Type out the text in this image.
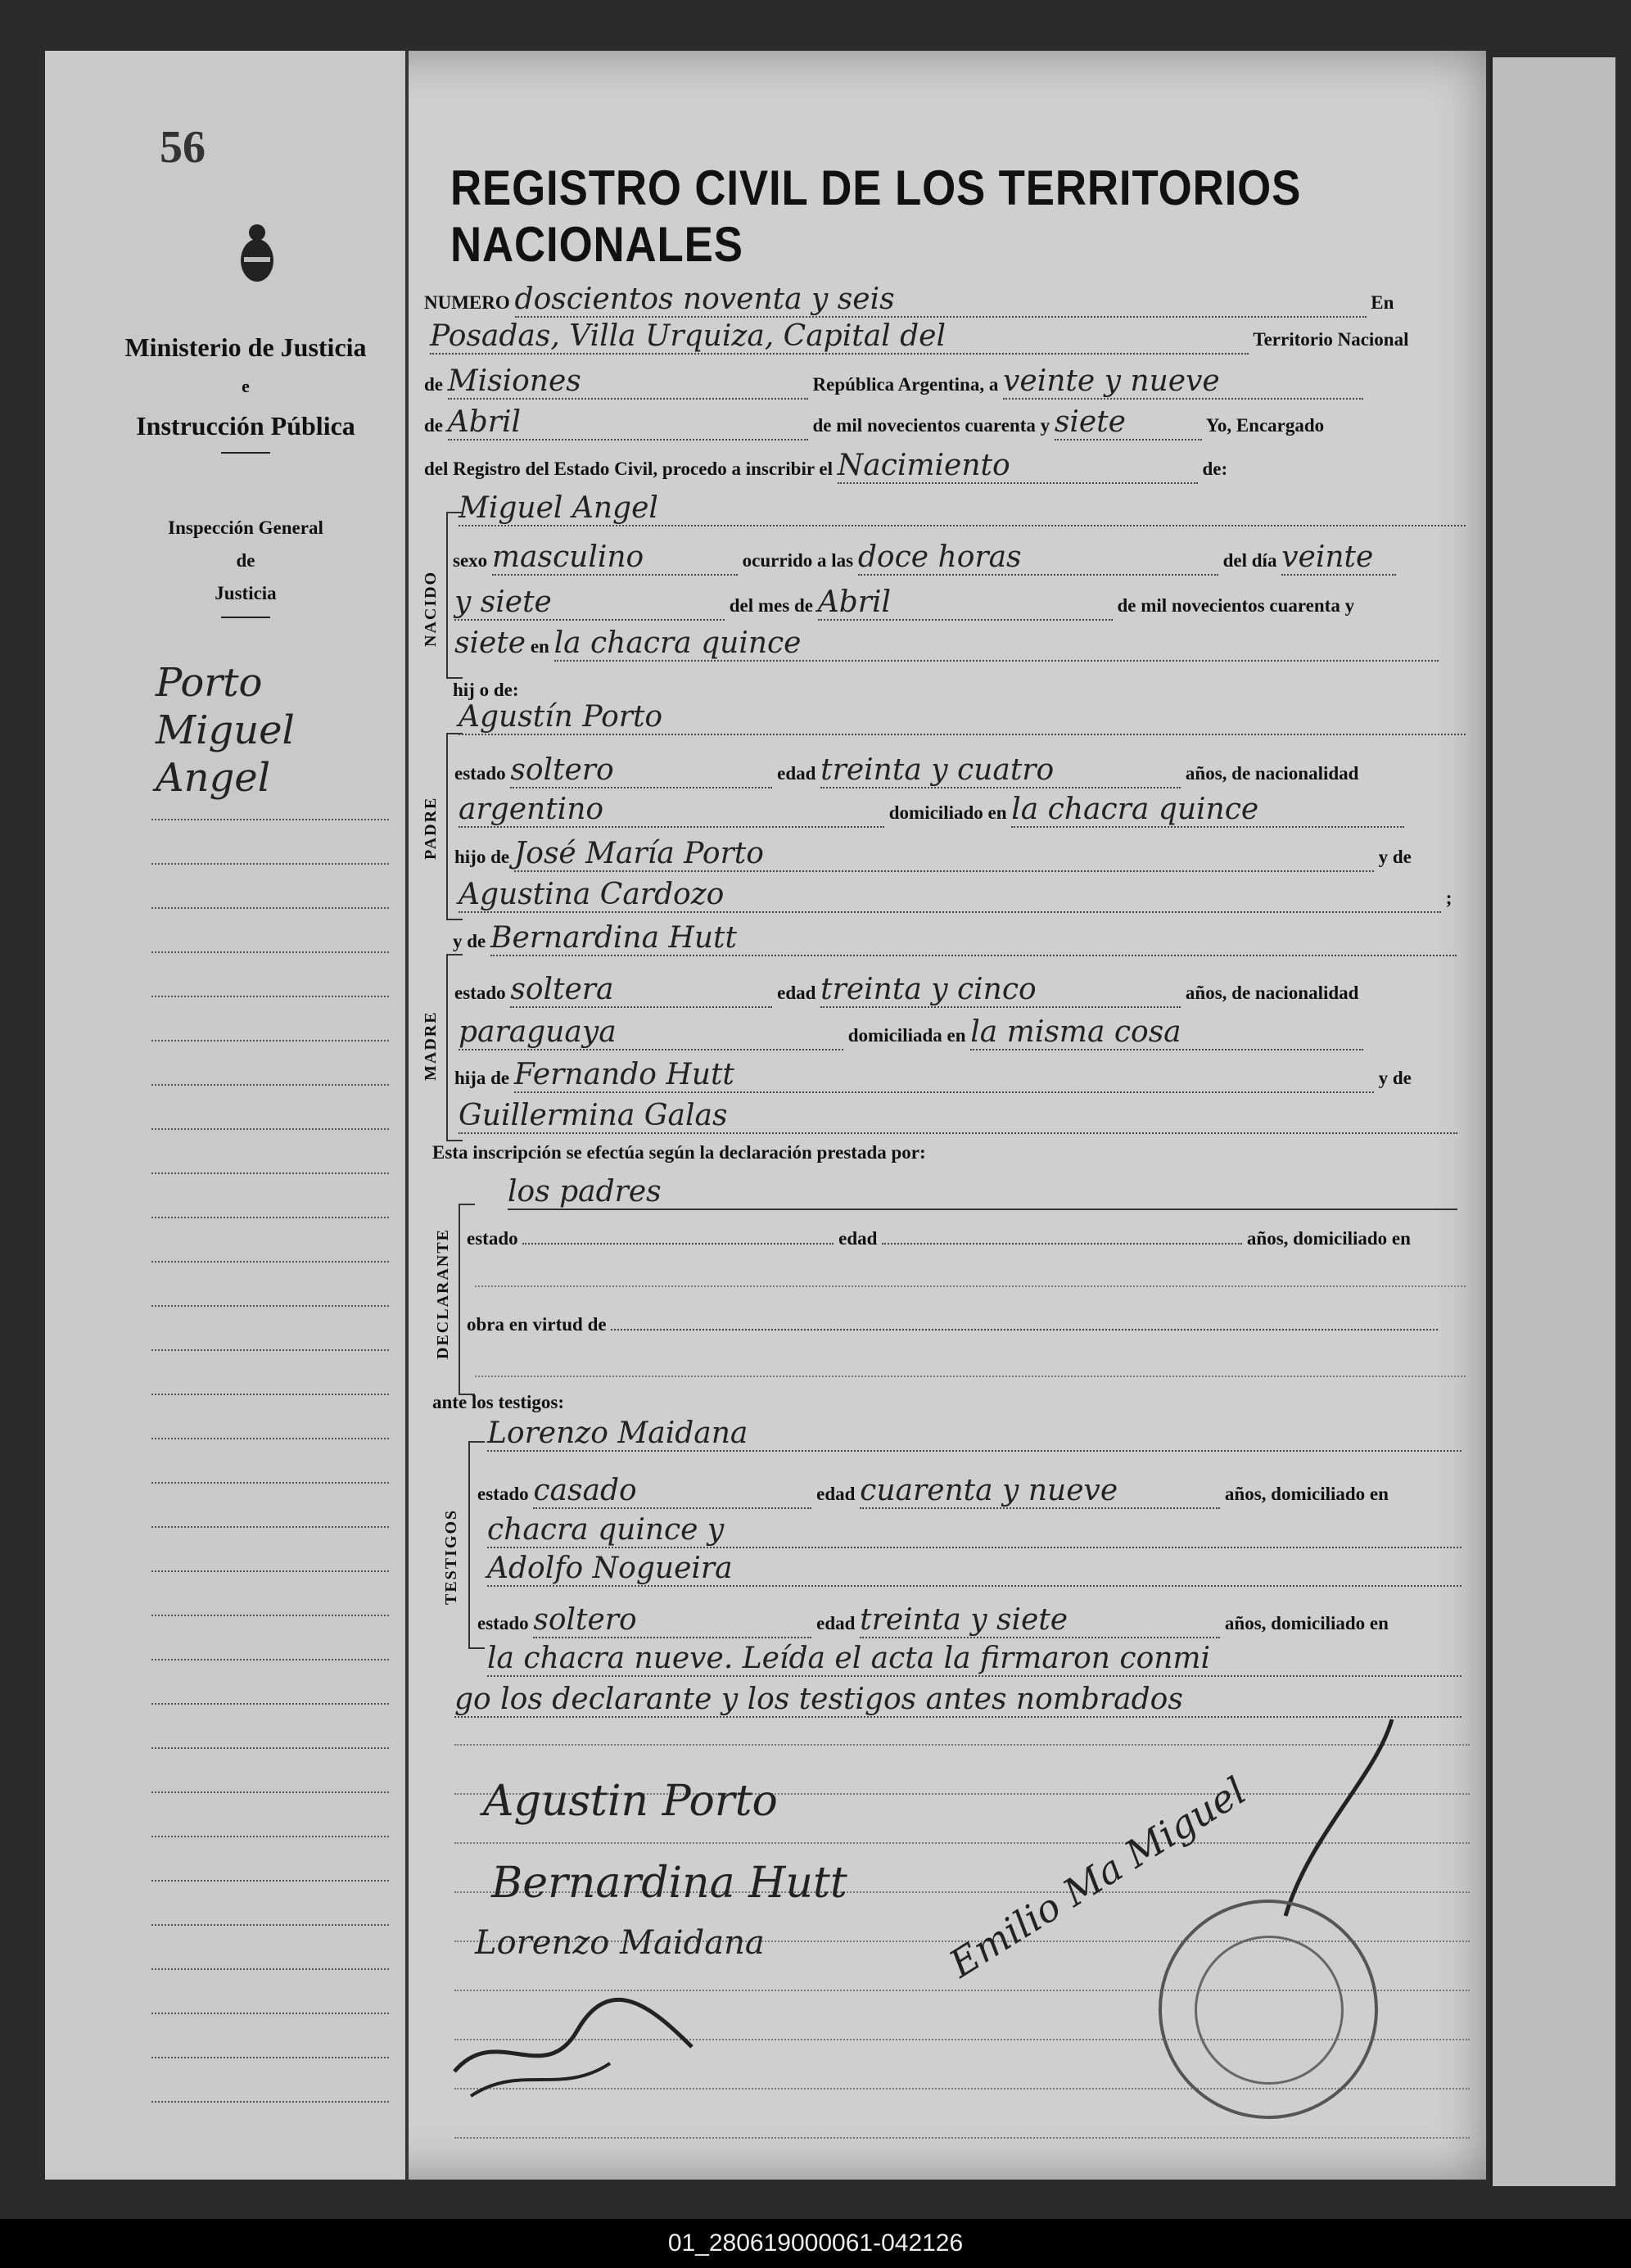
56
Ministerio de Justicia
e
Instrucción Pública
Inspección General
de
Justicia
Porto
Miguel
Angel
REGISTRO CIVIL DE LOS TERRITORIOS NACIONALES
NUMERO doscientos noventa y seis	En
Posadas, Villa Urquiza, Capital del	Territorio Nacional
de Misiones	República Argentina, a veinte y nueve
de Abril	de mil novecientos cuarenta y siete	Yo, Encargado
del Registro del Estado Civil, procedo a inscribir el Nacimiento	de:
NACIDO
Miguel Angel
sexo masculino	ocurrido a las doce horas	del día veinte
y siete	del mes de Abril	de mil novecientos cuarenta y
siete en la chacra quince
hij o de:
PADRE
Agustín Porto
estado soltero	edad treinta y cuatro	años, de nacionalidad
argentino	domiciliado en la chacra quince
hijo de José María Porto	y de
Agustina Cardozo	;
MADRE
y de Bernardina Hutt
estado soltera	edad treinta y cinco	años, de nacionalidad
paraguaya	domiciliada en la misma cosa
hija de Fernando Hutt	y de
Guillermina Galas
Esta inscripción se efectúa según la declaración prestada por:
los padres
DECLARANTE estado	edad	años, domiciliado en
obra en virtud de
ante los testigos:
TESTIGOS
Lorenzo Maidana
estado casado	edad cuarenta y nueve	años, domiciliado en
chacra quince y
Adolfo Nogueira
estado soltero	edad treinta y siete	años, domiciliado en
la chacra nueve. Leída el acta la firmaron conmi
go los declarante y los testigos antes nombrados
Agustin Porto
Bernardina Hutt
Lorenzo Maidana	Emilio Ma Miguel
01_280619000061-042126
